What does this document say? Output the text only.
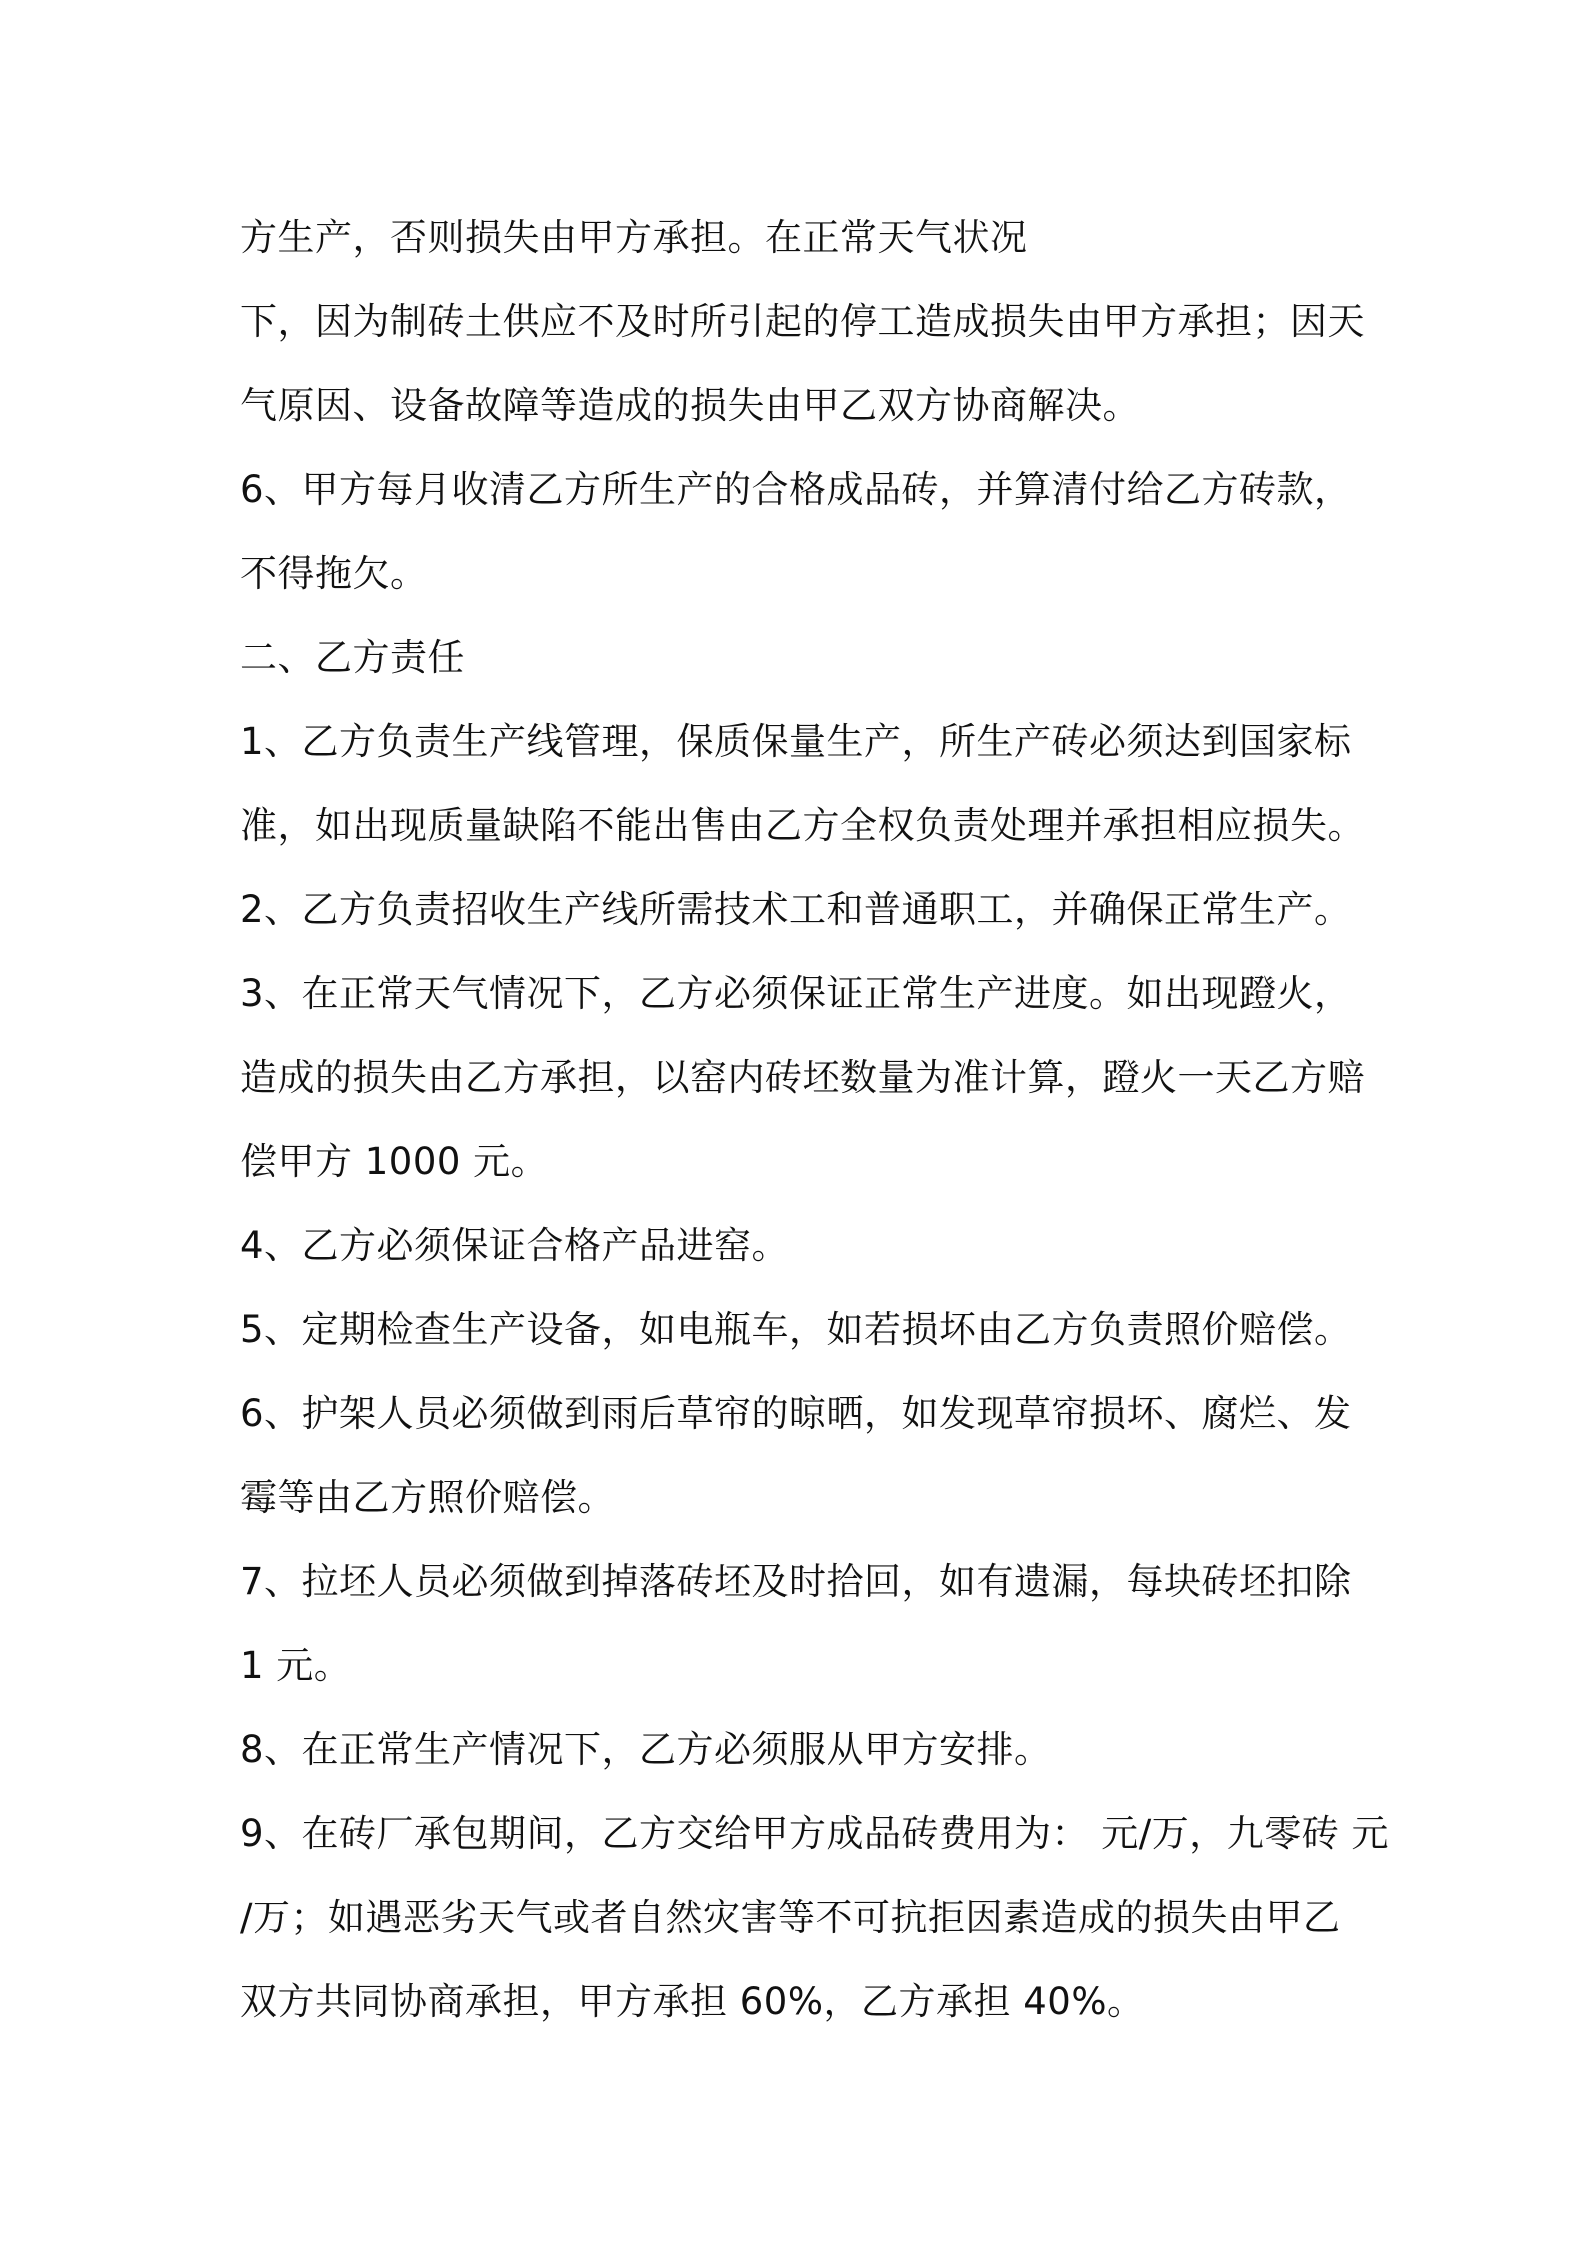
方生产，否则损失由甲方承担。在正常天气状况
下，因为制砖土供应不及时所引起的停工造成损失由甲方承担；因天
气原因、设备故障等造成的损失由甲乙双方协商解决。
6、甲方每月收清乙方所生产的合格成品砖，并算清付给乙方砖款，
不得拖欠。
二、乙方责任
1、乙方负责生产线管理，保质保量生产，所生产砖必须达到国家标
准，如出现质量缺陷不能出售由乙方全权负责处理并承担相应损失。
2、乙方负责招收生产线所需技术工和普通职工，并确保正常生产。
3、在正常天气情况下，乙方必须保证正常生产进度。如出现蹬火，
造成的损失由乙方承担，以窑内砖坯数量为准计算，蹬火一天乙方赔
偿甲方 1000 元。
4、乙方必须保证合格产品进窑。
5、定期检查生产设备，如电瓶车，如若损坏由乙方负责照价赔偿。
6、护架人员必须做到雨后草帘的晾晒，如发现草帘损坏、腐烂、发
霉等由乙方照价赔偿。
7、拉坯人员必须做到掉落砖坯及时拾回，如有遗漏，每块砖坯扣除
1 元。
8、在正常生产情况下，乙方必须服从甲方安排。
9、在砖厂承包期间，乙方交给甲方成品砖费用为： 元/万，九零砖 元
/万；如遇恶劣天气或者自然灾害等不可抗拒因素造成的损失由甲乙
双方共同协商承担，甲方承担 60%，乙方承担 40%。
